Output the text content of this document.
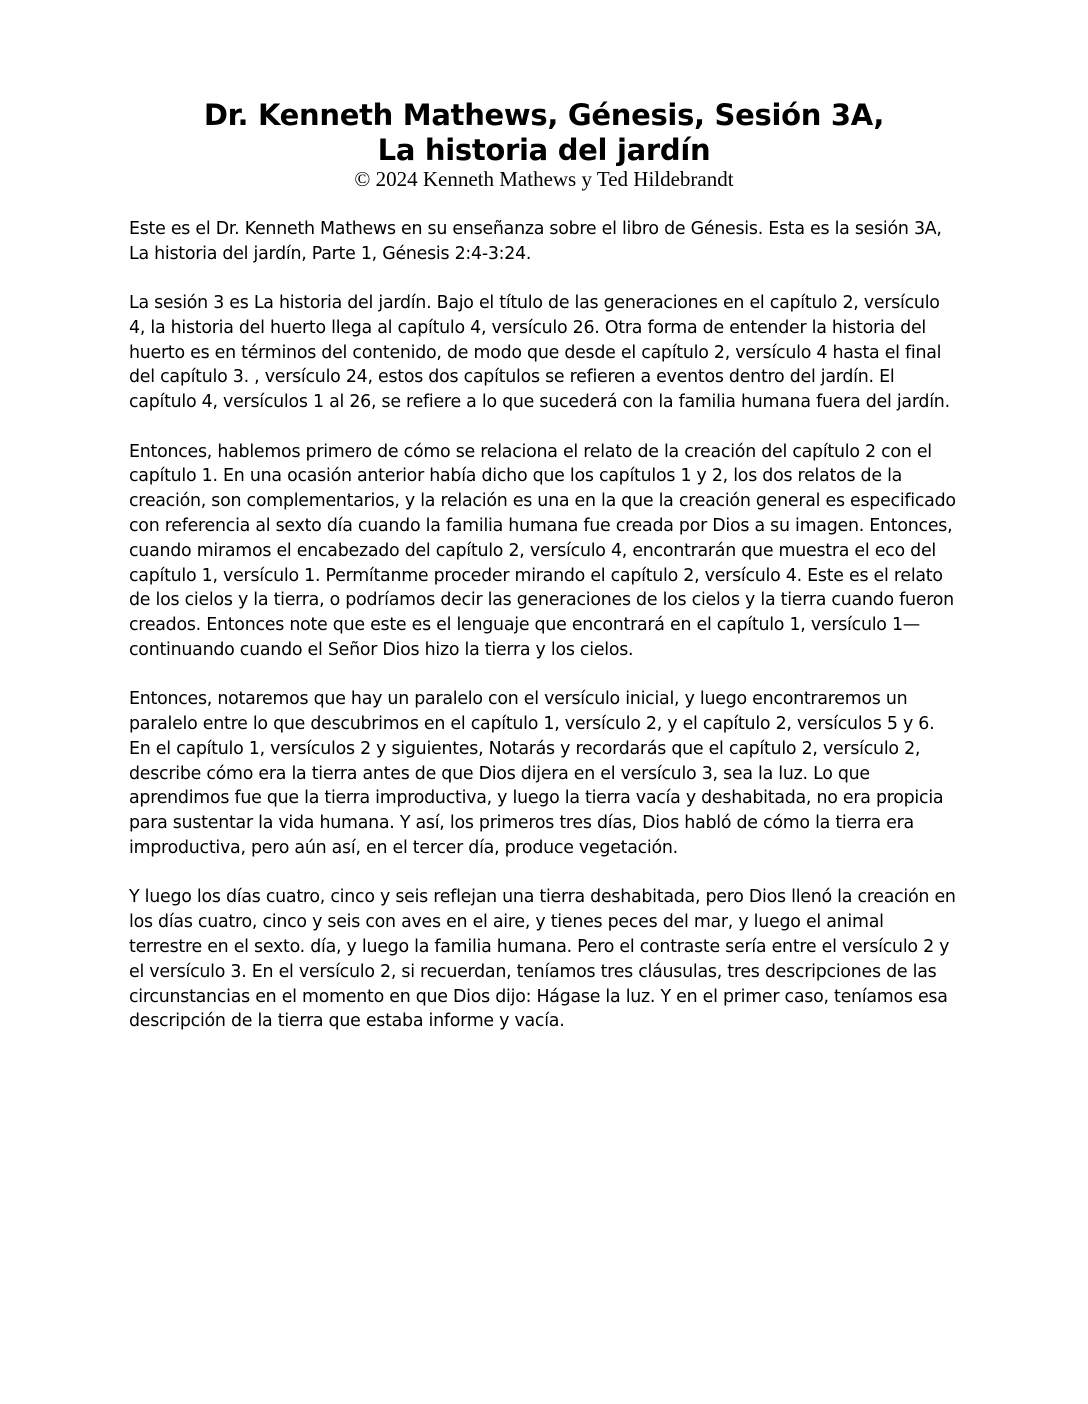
Dr. Kenneth Mathews, Génesis, Sesión 3A,
La historia del jardín
© 2024 Kenneth Mathews y Ted Hildebrandt

Este es el Dr. Kenneth Mathews en su enseñanza sobre el libro de Génesis. Esta es la sesión 3A, La historia del jardín, Parte 1, Génesis 2:4-3:24.

La sesión 3 es La historia del jardín. Bajo el título de las generaciones en el capítulo 2, versículo 4, la historia del huerto llega al capítulo 4, versículo 26. Otra forma de entender la historia del huerto es en términos del contenido, de modo que desde el capítulo 2, versículo 4 hasta el final del capítulo 3. , versículo 24, estos dos capítulos se refieren a eventos dentro del jardín. El capítulo 4, versículos 1 al 26, se refiere a lo que sucederá con la familia humana fuera del jardín.

Entonces, hablemos primero de cómo se relaciona el relato de la creación del capítulo 2 con el capítulo 1. En una ocasión anterior había dicho que los capítulos 1 y 2, los dos relatos de la creación, son complementarios, y la relación es una en la que la creación general es especificado con referencia al sexto día cuando la familia humana fue creada por Dios a su imagen. Entonces, cuando miramos el encabezado del capítulo 2, versículo 4, encontrarán que muestra el eco del capítulo 1, versículo 1. Permítanme proceder mirando el capítulo 2, versículo 4. Este es el relato de los cielos y la tierra, o podríamos decir las generaciones de los cielos y la tierra cuando fueron creados. Entonces note que este es el lenguaje que encontrará en el capítulo 1, versículo 1—continuando cuando el Señor Dios hizo la tierra y los cielos.

Entonces, notaremos que hay un paralelo con el versículo inicial, y luego encontraremos un paralelo entre lo que descubrimos en el capítulo 1, versículo 2, y el capítulo 2, versículos 5 y 6. En el capítulo 1, versículos 2 y siguientes, Notarás y recordarás que el capítulo 2, versículo 2, describe cómo era la tierra antes de que Dios dijera en el versículo 3, sea la luz. Lo que aprendimos fue que la tierra improductiva, y luego la tierra vacía y deshabitada, no era propicia para sustentar la vida humana. Y así, los primeros tres días, Dios habló de cómo la tierra era improductiva, pero aún así, en el tercer día, produce vegetación.

Y luego los días cuatro, cinco y seis reflejan una tierra deshabitada, pero Dios llenó la creación en los días cuatro, cinco y seis con aves en el aire, y tienes peces del mar, y luego el animal terrestre en el sexto. día, y luego la familia humana. Pero el contraste sería entre el versículo 2 y el versículo 3. En el versículo 2, si recuerdan, teníamos tres cláusulas, tres descripciones de las circunstancias en el momento en que Dios dijo: Hágase la luz. Y en el primer caso, teníamos esa descripción de la tierra que estaba informe y vacía.
